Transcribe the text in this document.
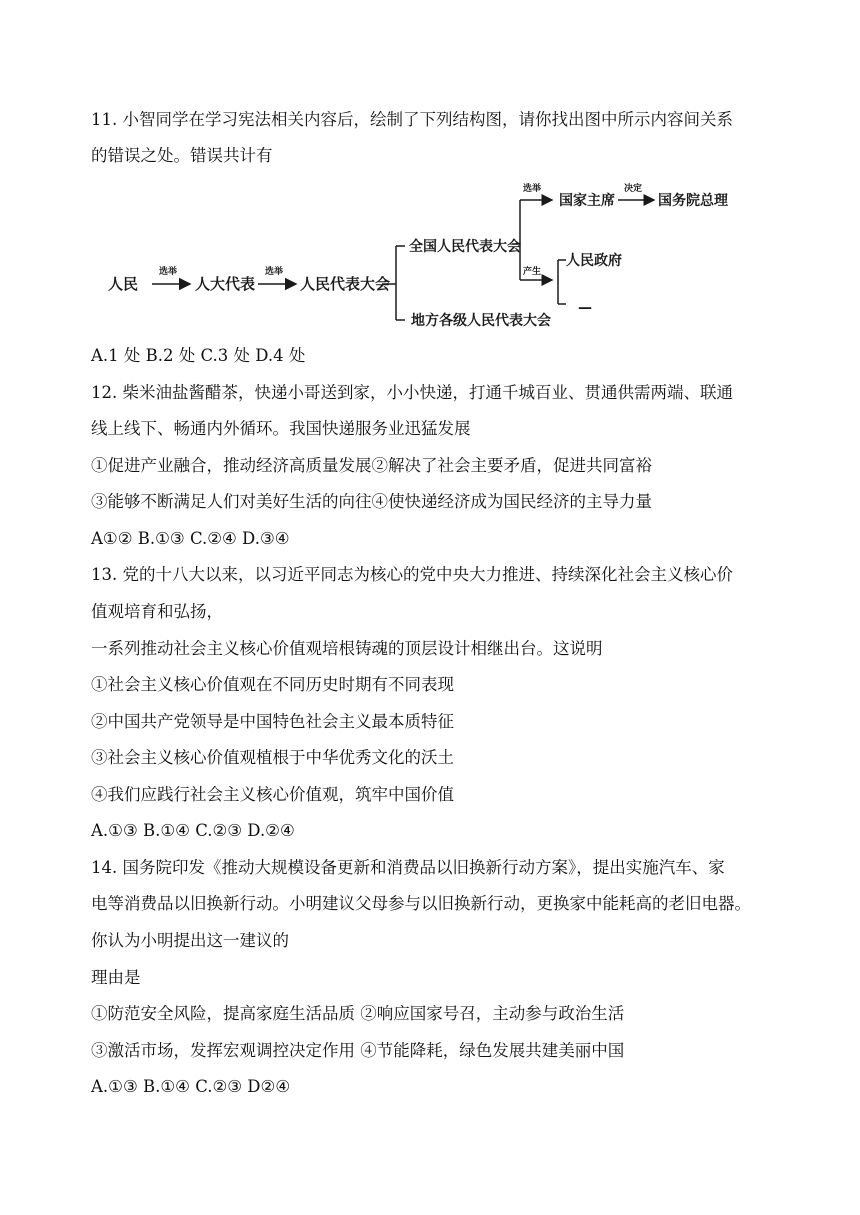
11. 小智同学在学习宪法相关内容后，绘制了下列结构图，请你找出图中所示内容间关系
的错误之处。错误共计有
人民
选举
人大代表
选举
人民代表大会
全国人民代表大会
地方各级人民代表大会
选举
产生
国家主席
决定
国务院总理
人民政府
—
A.1 处 B.2 处 C.3 处 D.4 处
12. 柴米油盐酱醋茶，快递小哥送到家，小小快递，打通千城百业、贯通供需两端、联通
线上线下、畅通内外循环。我国快递服务业迅猛发展
①促进产业融合，推动经济高质量发展②解决了社会主要矛盾，促进共同富裕
③能够不断满足人们对美好生活的向往④使快递经济成为国民经济的主导力量
A①② B.①③ C.②④ D.③④
13. 党的十八大以来，以习近平同志为核心的党中央大力推进、持续深化社会主义核心价
值观培育和弘扬，
一系列推动社会主义核心价值观培根铸魂的顶层设计相继出台。这说明
①社会主义核心价值观在不同历史时期有不同表现
②中国共产党领导是中国特色社会主义最本质特征
③社会主义核心价值观植根于中华优秀文化的沃土
④我们应践行社会主义核心价值观，筑牢中国价值
A.①③ B.①④ C.②③ D.②④
14. 国务院印发《推动大规模设备更新和消费品以旧换新行动方案》，提出实施汽车、家
电等消费品以旧换新行动。小明建议父母参与以旧换新行动，更换家中能耗高的老旧电器。
你认为小明提出这一建议的
理由是
①防范安全风险，提高家庭生活品质 ②响应国家号召，主动参与政治生活
③激活市场，发挥宏观调控决定作用 ④节能降耗，绿色发展共建美丽中国
A.①③ B.①④ C.②③ D②④
